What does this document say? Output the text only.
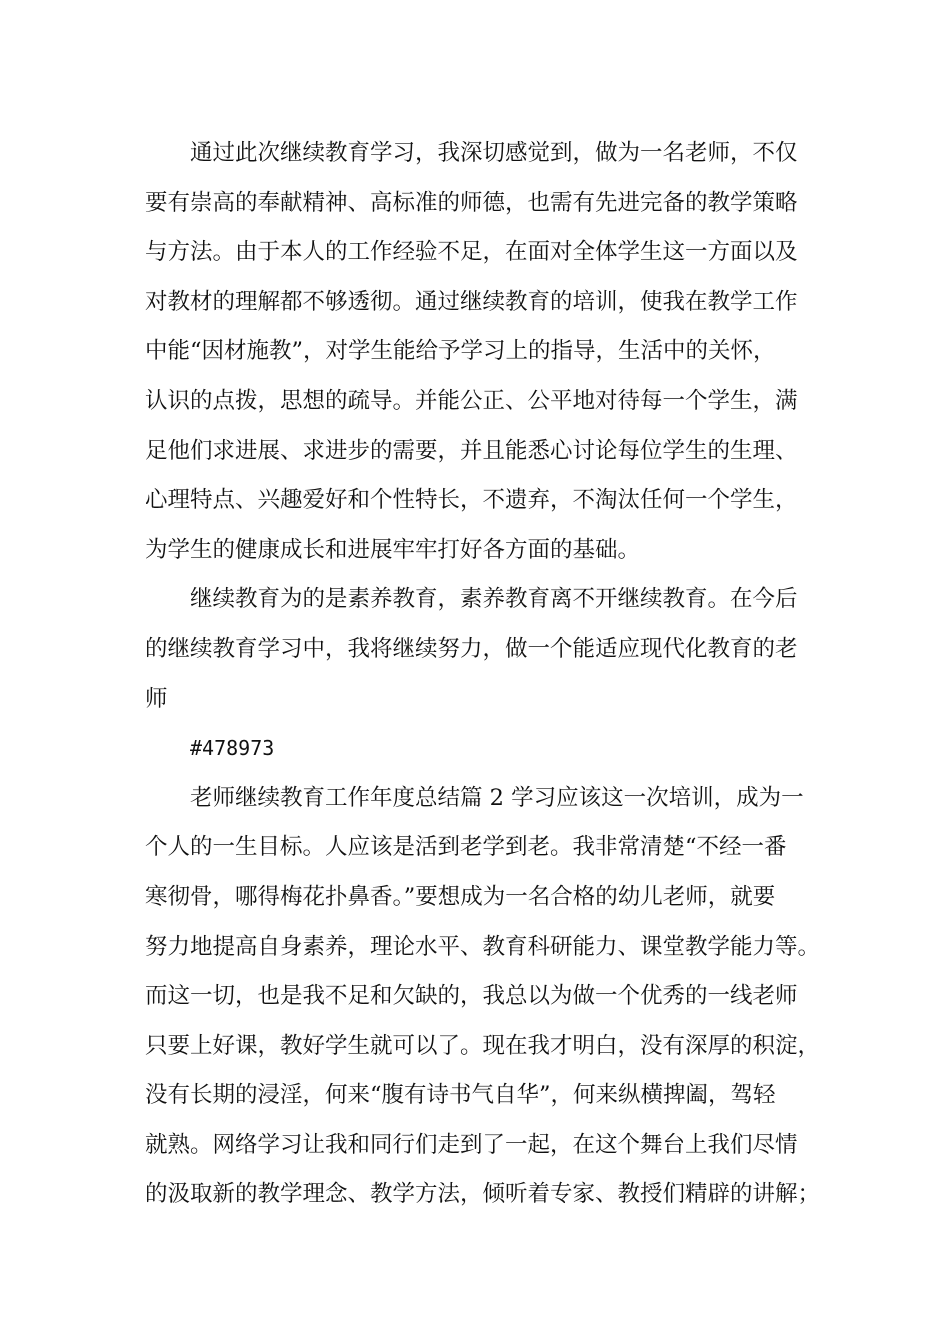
通过此次继续教育学习，我深切感觉到，做为一名老师，不仅
要有崇高的奉献精神、高标准的师德，也需有先进完备的教学策略
与方法。由于本人的工作经验不足，在面对全体学生这一方面以及
对教材的理解都不够透彻。通过继续教育的培训，使我在教学工作
中能“因材施教”，对学生能给予学习上的指导，生活中的关怀，
认识的点拨，思想的疏导。并能公正、公平地对待每一个学生，满
足他们求进展、求进步的需要，并且能悉心讨论每位学生的生理、
心理特点、兴趣爱好和个性特长，不遗弃，不淘汰任何一个学生，
为学生的健康成长和进展牢牢打好各方面的基础。
继续教育为的是素养教育，素养教育离不开继续教育。在今后
的继续教育学习中，我将继续努力，做一个能适应现代化教育的老
师
#478973
老师继续教育工作年度总结篇 2 学习应该这一次培训，成为一
个人的一生目标。人应该是活到老学到老。我非常清楚“不经一番
寒彻骨，哪得梅花扑鼻香。”要想成为一名合格的幼儿老师，就要
努力地提高自身素养，理论水平、教育科研能力、课堂教学能力等。
而这一切，也是我不足和欠缺的，我总以为做一个优秀的一线老师
只要上好课，教好学生就可以了。现在我才明白，没有深厚的积淀，
没有长期的浸淫，何来“腹有诗书气自华”，何来纵横捭阖，驾轻
就熟。网络学习让我和同行们走到了一起，在这个舞台上我们尽情
的汲取新的教学理念、教学方法，倾听着专家、教授们精辟的讲解；
